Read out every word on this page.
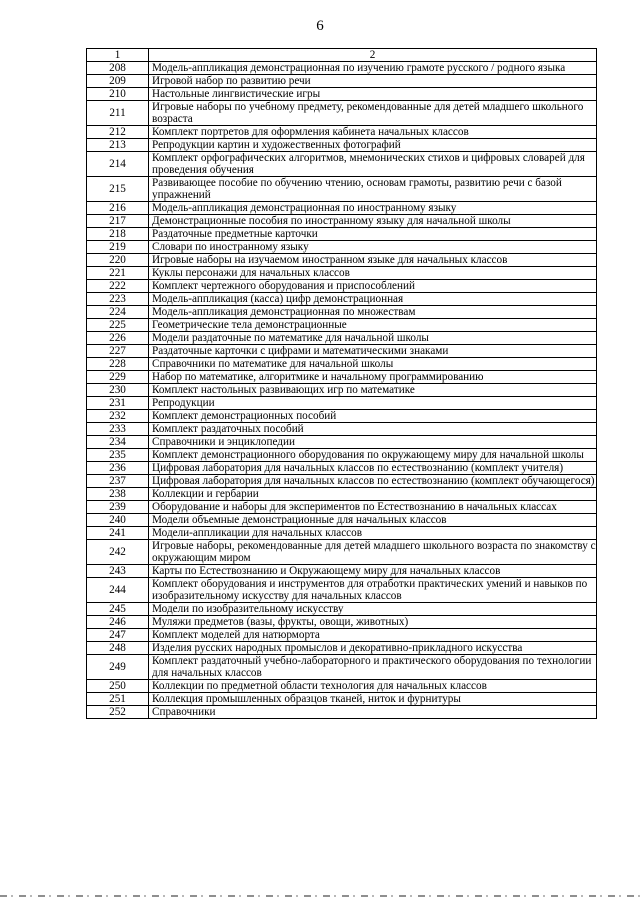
6
1	2
208	Модель-аппликация демонстрационная по изучению грамоте русского / родного языка
209	Игровой набор по развитию речи
210	Настольные лингвистические игры
211	Игровые наборы по учебному предмету, рекомендованные для детей младшего школьного возраста
212	Комплект портретов для оформления кабинета начальных классов
213	Репродукции картин и художественных фотографий
214	Комплект орфографических алгоритмов, мнемонических стихов и цифровых словарей для проведения обучения
215	Развивающее пособие по обучению чтению, основам грамоты, развитию речи с базой упражнений
216	Модель-аппликация демонстрационная по иностранному языку
217	Демонстрационные пособия по иностранному языку для начальной школы
218	Раздаточные предметные карточки
219	Словари по иностранному языку
220	Игровые наборы на изучаемом иностранном языке для начальных классов
221	Куклы персонажи для начальных классов
222	Комплект чертежного оборудования и приспособлений
223	Модель-аппликация (касса) цифр демонстрационная
224	Модель-аппликация демонстрационная по множествам
225	Геометрические тела демонстрационные
226	Модели раздаточные по математике для начальной школы
227	Раздаточные карточки с цифрами и математическими знаками
228	Справочники по математике для начальной школы
229	Набор по математике, алгоритмике и начальному программированию
230	Комплект настольных развивающих игр по математике
231	Репродукции
232	Комплект демонстрационных пособий
233	Комплект раздаточных пособий
234	Справочники и энциклопедии
235	Комплект демонстрационного оборудования по окружающему миру для начальной школы
236	Цифровая лаборатория для начальных классов по естествознанию (комплект учителя)
237	Цифровая лаборатория для начальных классов по естествознанию (комплект обучающегося)
238	Коллекции и гербарии
239	Оборудование и наборы для экспериментов по Естествознанию в начальных классах
240	Модели объемные демонстрационные для начальных классов
241	Модели-аппликации для начальных классов
242	Игровые наборы, рекомендованные для детей младшего школьного возраста по знакомству с окружающим миром
243	Карты по Естествознанию и Окружающему миру для начальных классов
244	Комплект оборудования и инструментов для отработки практических умений и навыков по изобразительному искусству для начальных классов
245	Модели по изобразительному искусству
246	Муляжи предметов (вазы, фрукты, овощи, животных)
247	Комплект моделей для натюрморта
248	Изделия русских народных промыслов и декоративно-прикладного искусства
249	Комплект раздаточный учебно-лабораторного и практического оборудования по технологии для начальных классов
250	Коллекции по предметной области технология для начальных классов
251	Коллекция промышленных образцов тканей, ниток и фурнитуры
252	Справочники
